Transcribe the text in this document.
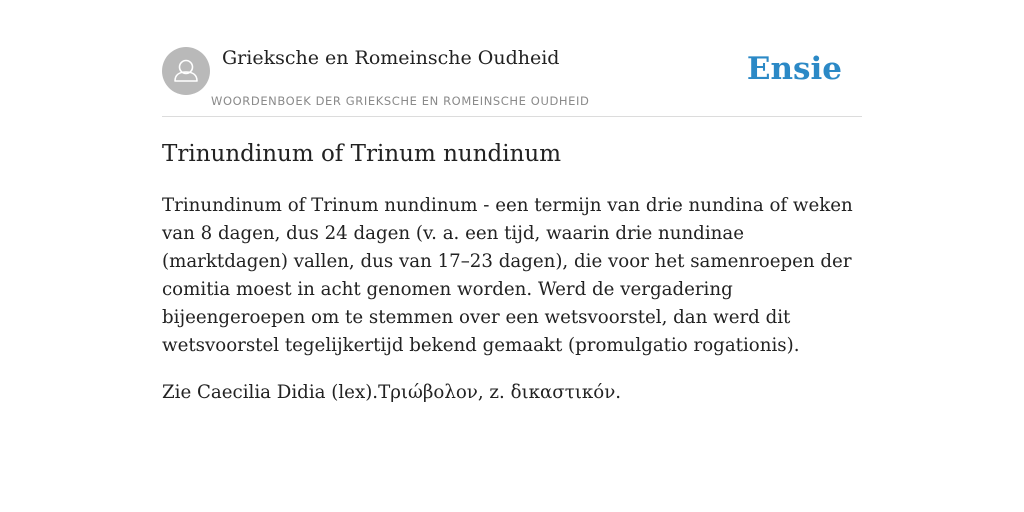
Grieksche en Romeinsche Oudheid
WOORDENBOEK DER GRIEKSCHE EN ROMEINSCHE OUDHEID
Ensie
Trinundinum of Trinum nundinum

Trinundinum of Trinum nundinum - een termijn van drie nundina of weken van 8 dagen, dus 24 dagen (v. a. een tijd, waarin drie nundinae (marktdagen) vallen, dus van 17–23 dagen), die voor het samenroepen der comitia moest in acht genomen worden. Werd de vergadering bijeengeroepen om te stemmen over een wetsvoorstel, dan werd dit wetsvoorstel tegelijkertijd bekend gemaakt (promulgatio rogationis).

Zie Caecilia Didia (lex).Τριώβολον, z. δικαστικόν.
